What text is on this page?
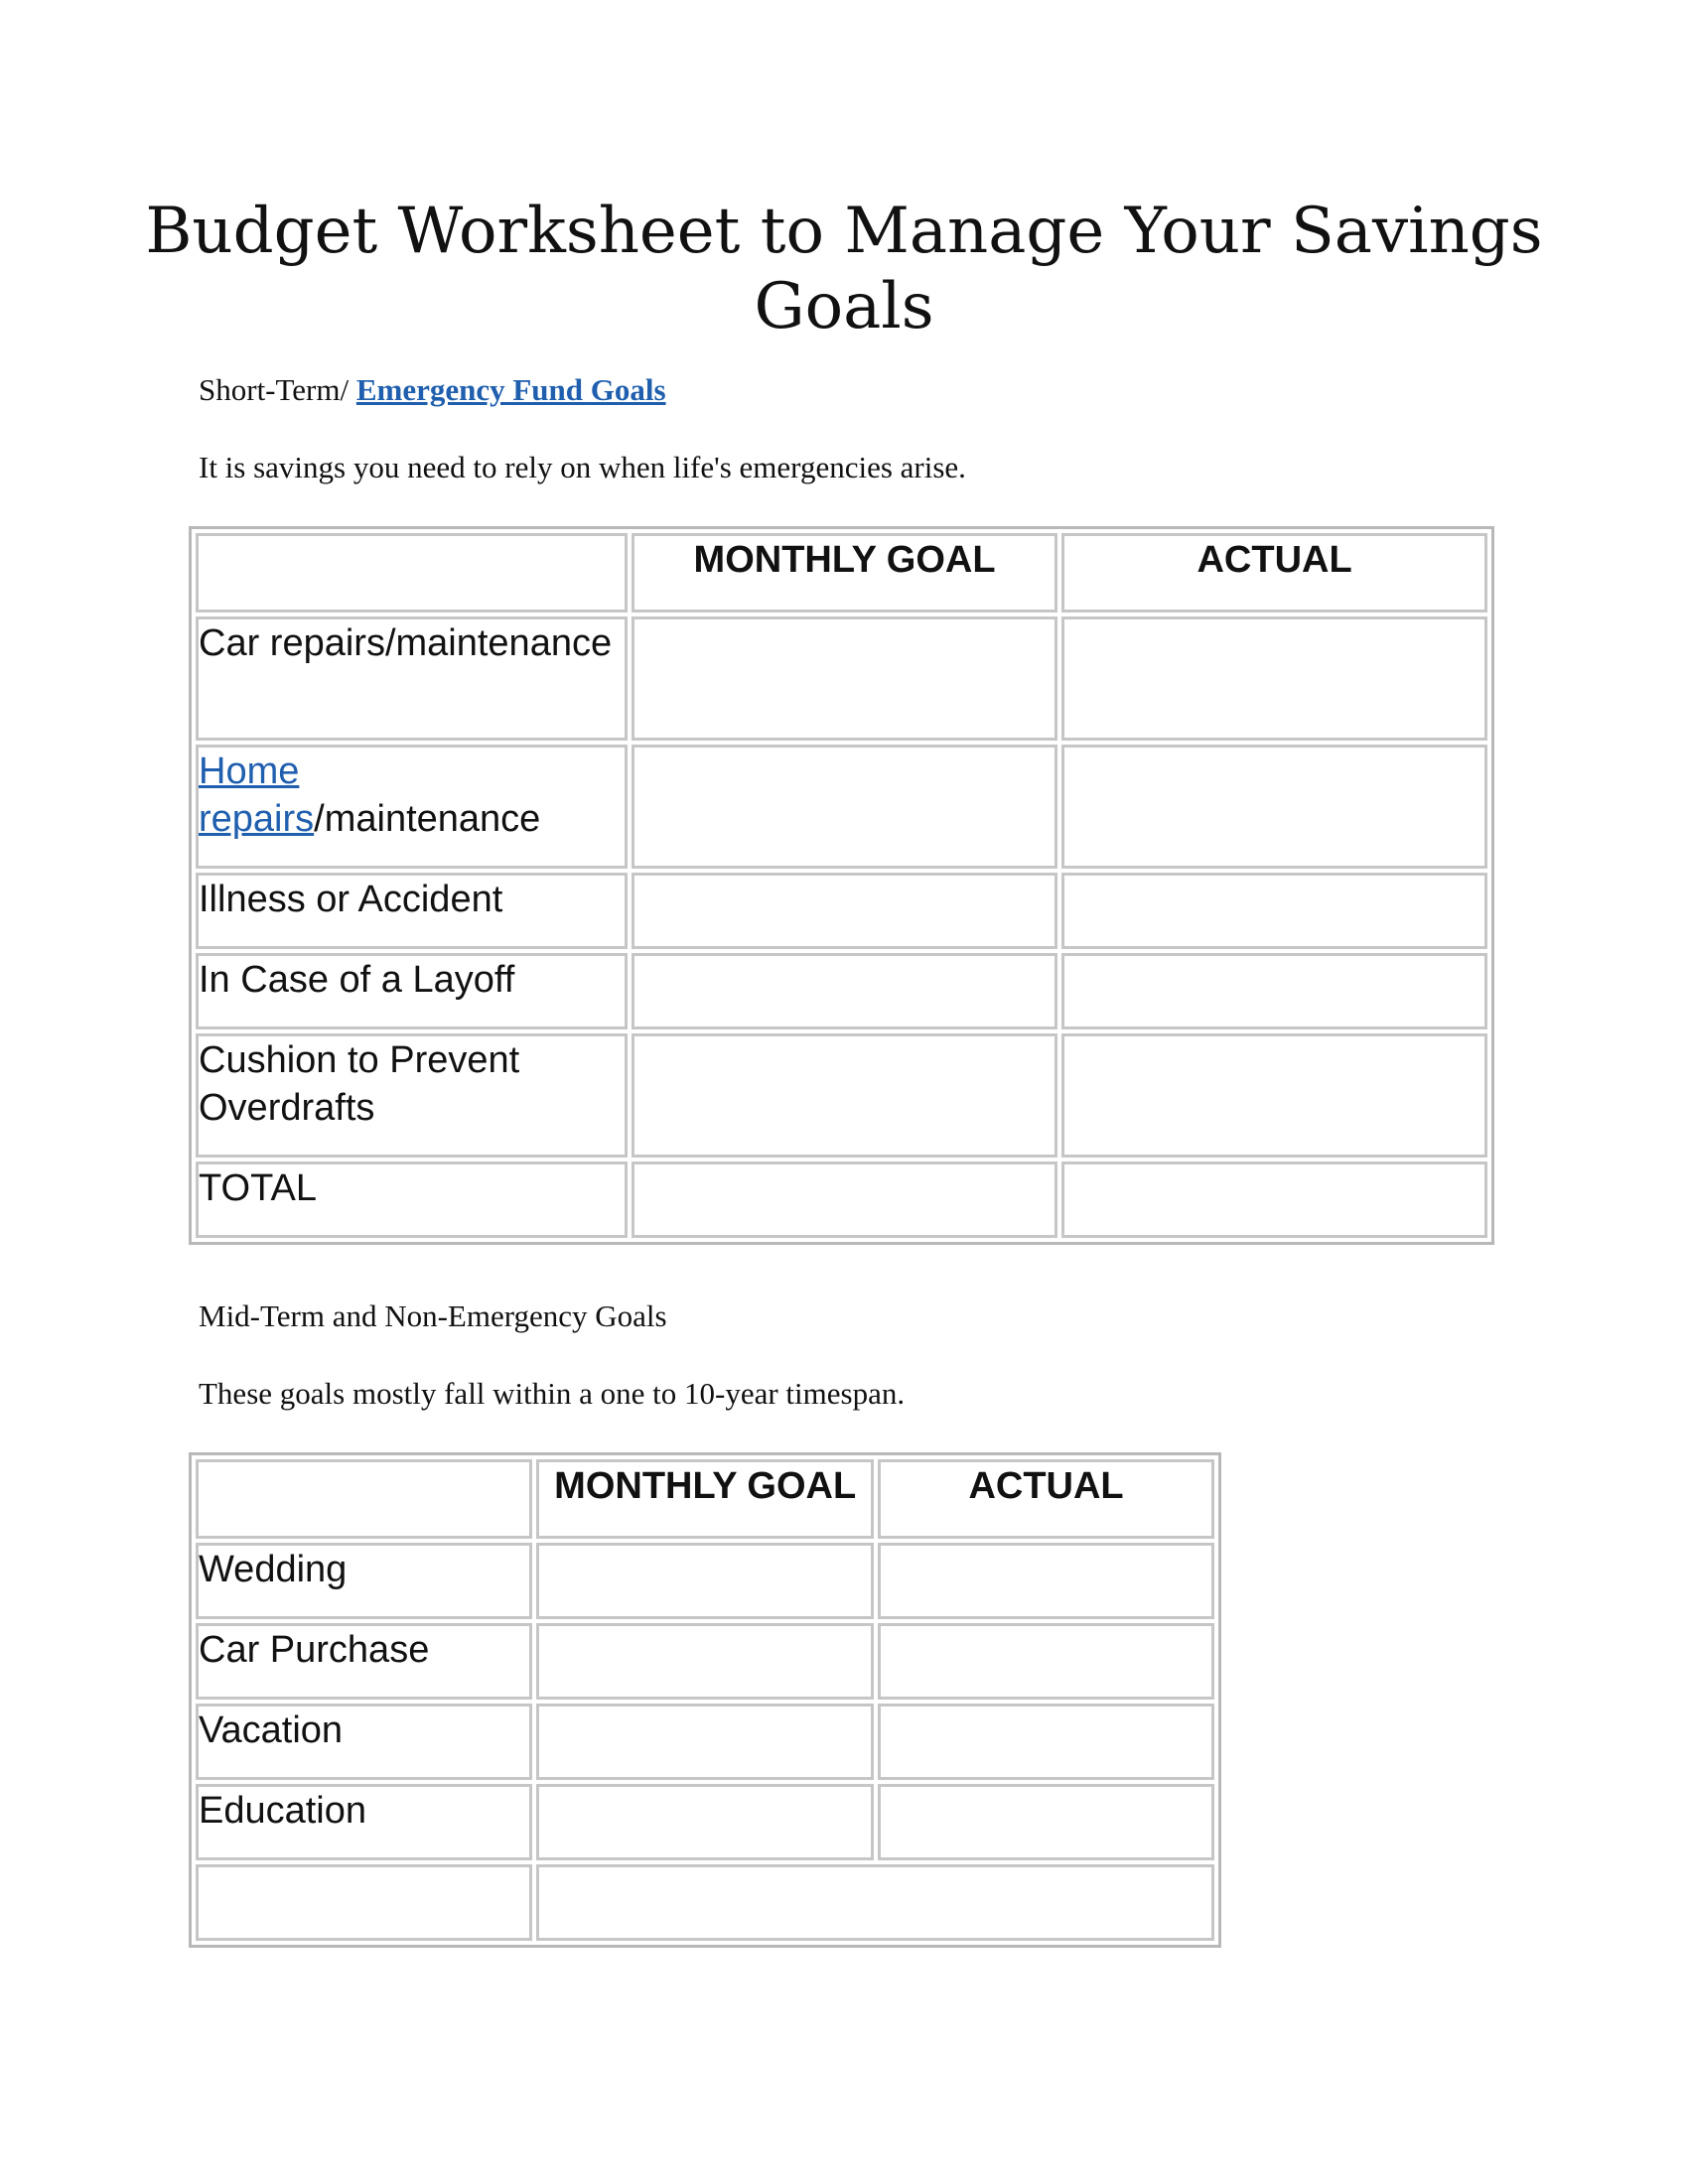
Budget Worksheet to Manage Your Savings Goals

Short-Term/ Emergency Fund Goals

It is savings you need to rely on when life's emergencies arise.

	MONTHLY GOAL	ACTUAL
Car repairs/maintenance		
Home repairs/maintenance		
Illness or Accident		
In Case of a Layoff		
Cushion to Prevent Overdrafts		
TOTAL		

Mid-Term and Non-Emergency Goals

These goals mostly fall within a one to 10-year timespan.

	MONTHLY GOAL	ACTUAL
Wedding		
Car Purchase		
Vacation		
Education		
